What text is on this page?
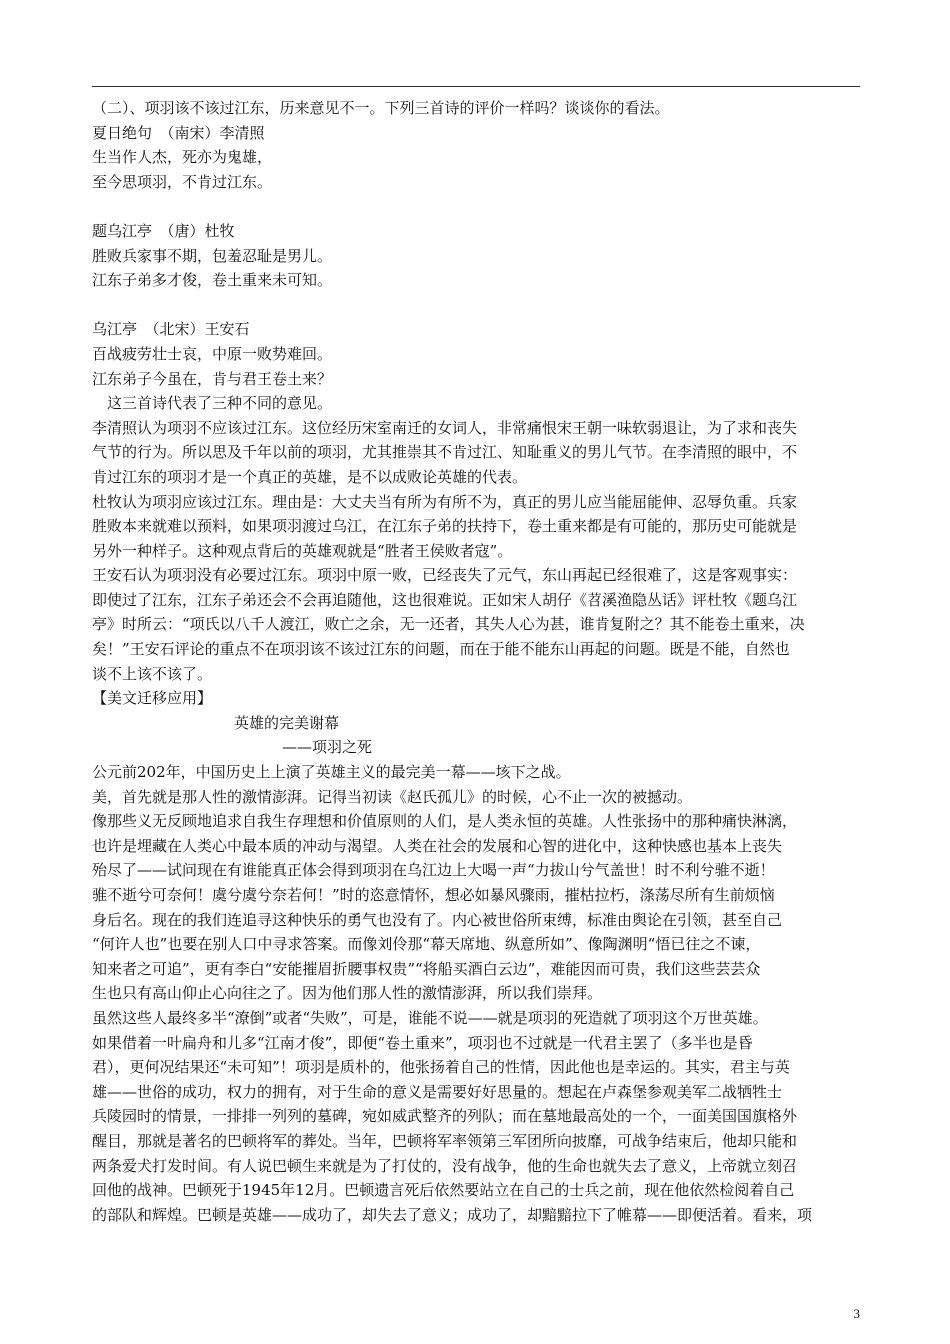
（二）、项羽该不该过江东，历来意见不一。下列三首诗的评价一样吗？谈谈你的看法。

夏日绝句　（南宋）李清照

生当作人杰，死亦为鬼雄，

至今思项羽，不肯过江东。

题乌江亭　（唐）杜牧

胜败兵家事不期，包羞忍耻是男儿。

江东子弟多才俊，卷土重来未可知。

乌江亭　（北宋）王安石

百战疲劳壮士哀，中原一败势难回。

江东弟子今虽在，肯与君王卷土来？

　这三首诗代表了三种不同的意见。

李清照认为项羽不应该过江东。这位经历宋室南迁的女词人，非常痛恨宋王朝一味软弱退让，为了求和丧失

气节的行为。所以思及千年以前的项羽，尤其推崇其不肯过江、知耻重义的男儿气节。在李清照的眼中，不

肯过江东的项羽才是一个真正的英雄，是不以成败论英雄的代表。

杜牧认为项羽应该过江东。理由是：大丈夫当有所为有所不为，真正的男儿应当能屈能伸、忍辱负重。兵家

胜败本来就难以预料，如果项羽渡过乌江，在江东子弟的扶持下，卷土重来都是有可能的，那历史可能就是

另外一种样子。这种观点背后的英雄观就是“胜者王侯败者寇”。

王安石认为项羽没有必要过江东。项羽中原一败，已经丧失了元气，东山再起已经很难了，这是客观事实：

即使过了江东，江东子弟还会不会再追随他，这也很难说。正如宋人胡仔《苕溪渔隐丛话》评杜牧《题乌江

亭》时所云：“项氏以八千人渡江，败亡之余，无一还者，其失人心为甚，谁肯复附之？其不能卷土重来，决

矣！”王安石评论的重点不在项羽该不该过江东的问题，而在于能不能东山再起的问题。既是不能，自然也

谈不上该不该了。

【美文迁移应用】

英雄的完美谢幕

——项羽之死

公元前202年，中国历史上上演了英雄主义的最完美一幕——垓下之战。

美，首先就是那人性的激情澎湃。记得当初读《赵氏孤儿》的时候，心不止一次的被撼动。

像那些义无反顾地追求自我生存理想和价值原则的人们，是人类永恒的英雄。人性张扬中的那种痛快淋漓，

也许是埋藏在人类心中最本质的冲动与渴望。人类在社会的发展和心智的进化中，这种快感也基本上丧失

殆尽了——试问现在有谁能真正体会得到项羽在乌江边上大喝一声“力拔山兮气盖世！时不利兮骓不逝！

骓不逝兮可奈何！虞兮虞兮奈若何！”时的恣意情怀，想必如暴风骤雨，摧枯拉朽，涤荡尽所有生前烦恼

身后名。现在的我们连追寻这种快乐的勇气也没有了。内心被世俗所束缚，标准由舆论在引领，甚至自己

“何许人也”也要在别人口中寻求答案。而像刘伶那“幕天席地、纵意所如”、像陶渊明“悟已往之不谏，

知来者之可追”，更有李白“安能摧眉折腰事权贵”“将船买酒白云边”，难能因而可贵，我们这些芸芸众

生也只有高山仰止心向往之了。因为他们那人性的激情澎湃，所以我们崇拜。

虽然这些人最终多半“潦倒”或者“失败”，可是，谁能不说——就是项羽的死造就了项羽这个万世英雄。

如果借着一叶扁舟和儿多“江南才俊”，即便“卷土重来”，项羽也不过就是一代君主罢了（多半也是昏

君），更何况结果还“未可知”！项羽是质朴的，他张扬着自己的性情，因此他也是幸运的。其实，君主与英

雄——世俗的成功，权力的拥有，对于生命的意义是需要好好思量的。想起在卢森堡参观美军二战牺牲士

兵陵园时的情景，一排排一列列的墓碑，宛如威武整齐的列队；而在墓地最高处的一个，一面美国国旗格外

醒目，那就是著名的巴顿将军的葬处。当年，巴顿将军率领第三军团所向披靡，可战争结束后，他却只能和

两条爱犬打发时间。有人说巴顿生来就是为了打仗的，没有战争，他的生命也就失去了意义，上帝就立刻召

回他的战神。巴顿死于1945年12月。巴顿遗言死后依然要站立在自己的士兵之前，现在他依然检阅着自己

的部队和辉煌。巴顿是英雄——成功了，却失去了意义；成功了，却黯黯拉下了帷幕——即便活着。看来，项

3
